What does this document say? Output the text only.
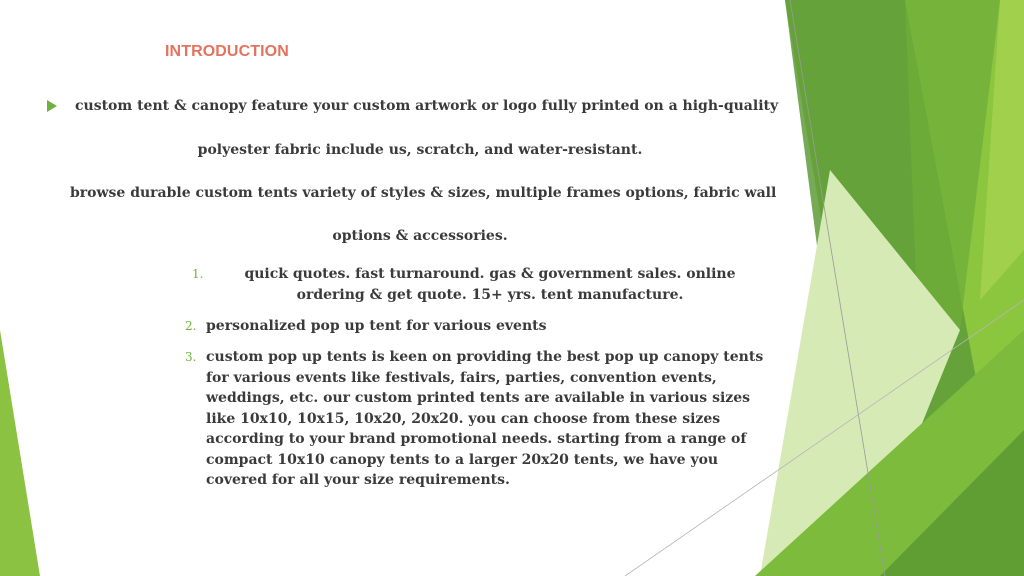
INTRODUCTION

custom tent & canopy feature your custom artwork or logo fully printed on a high-quality

polyester fabric include us, scratch, and water-resistant.

browse durable custom tents variety of styles & sizes, multiple frames options, fabric wall

options & accessories.

1.	quick quotes. fast turnaround. gas & government sales. online ordering & get quote. 15+ yrs. tent manufacture.

2. personalized pop up tent for various events

3. custom pop up tents is keen on providing the best pop up canopy tents for various events like festivals, fairs, parties, convention events, weddings, etc. our custom printed tents are available in various sizes like 10x10, 10x15, 10x20, 20x20. you can choose from these sizes according to your brand promotional needs. starting from a range of compact 10x10 canopy tents to a larger 20x20 tents, we have you covered for all your size requirements.
